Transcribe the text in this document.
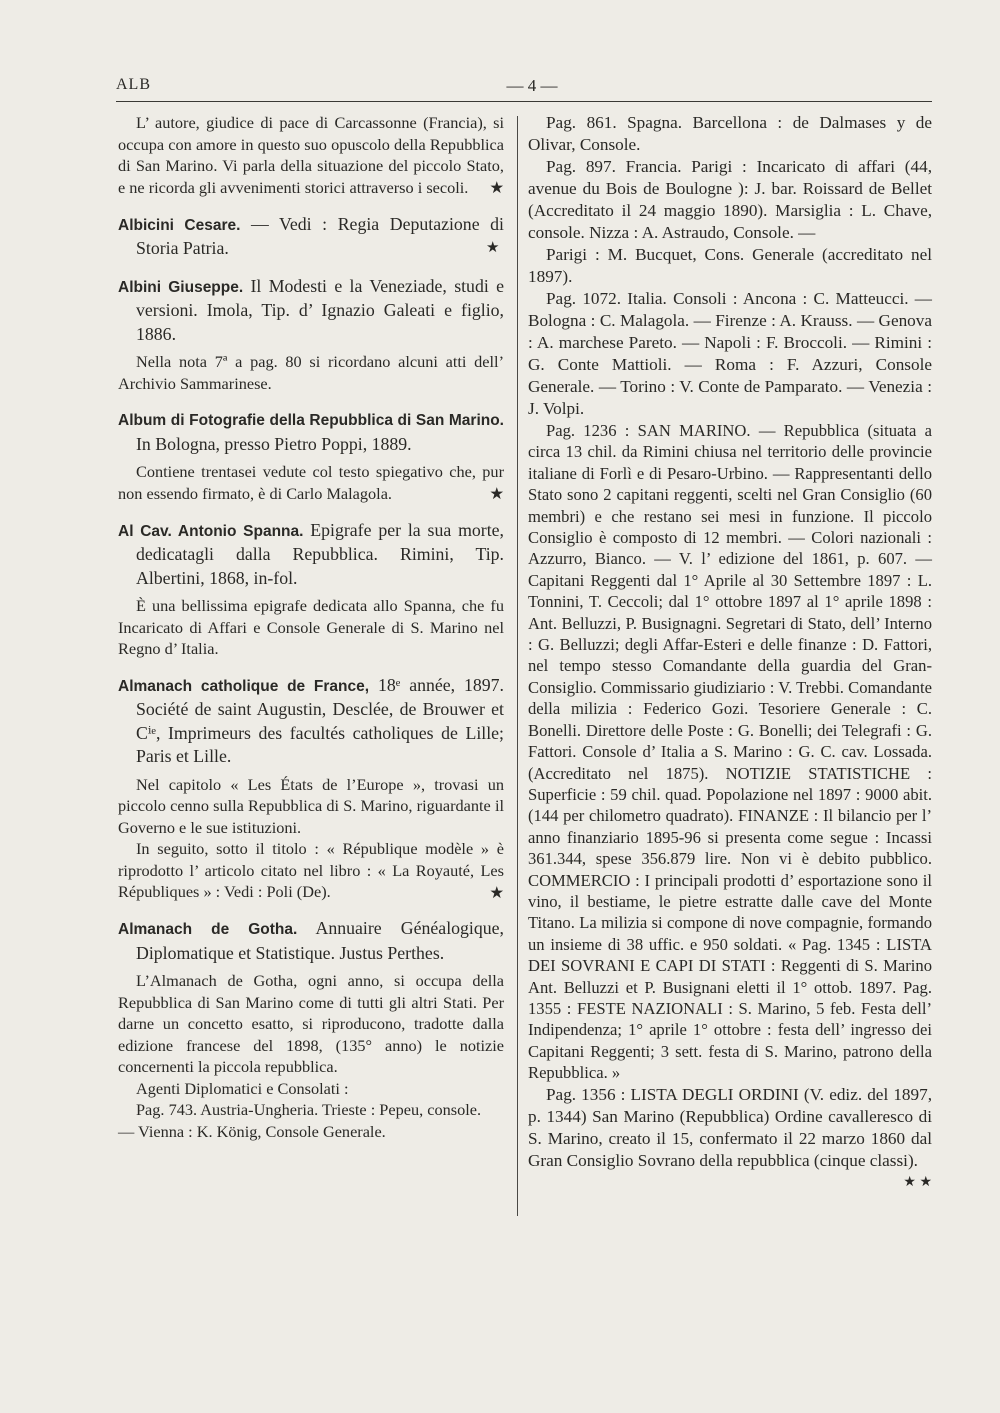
ALB	— 4 —

L’ autore, giudice di pace di Carcassonne (Francia), si occupa con amore in questo suo opuscolo della Repubblica di San Marino. Vi parla della situazione del piccolo Stato, e ne ricorda gli avvenimenti storici attraverso i secoli.	★
Albicini Cesare. — Vedi : Regia Deputazione di Storia Patria.	★
Albini Giuseppe. Il Modesti e la Veneziade, studi e versioni. Imola, Tip. d’ Ignazio Galeati e figlio, 1886.

Nella nota 7ª a pag. 80 si ricordano alcuni atti dell’ Archivio Sammarinese.

Album di Fotografie della Repubblica di San Marino. In Bologna, presso Pietro Poppi, 1889.

Contiene trentasei vedute col testo spiegativo che, pur non essendo firmato, è di Carlo Malagola.	★
Al Cav. Antonio Spanna. Epigrafe per la sua morte, dedicatagli dalla Repubblica. Rimini, Tip. Albertini, 1868, in-fol.

È una bellissima epigrafe dedicata allo Spanna, che fu Incaricato di Affari e Console Generale di S. Marino nel Regno d’ Italia.

Almanach catholique de France, 18ᵉ année, 1897. Société de saint Augustin, Desclée, de Brouwer et Cⁱᵉ, Imprimeurs des facultés catholiques de Lille; Paris et Lille.

Nel capitolo « Les États de l’Europe », trovasi un piccolo cenno sulla Repubblica di S. Marino, riguardante il Governo e le sue istituzioni.

In seguito, sotto il titolo : « République modèle » è riprodotto l’ articolo citato nel libro : « La Royauté, Les Républiques » : Vedi : Poli (De).	★
Almanach de Gotha. Annuaire Généalogique, Diplomatique et Statistique. Justus Perthes.

L’Almanach de Gotha, ogni anno, si occupa della Repubblica di San Marino come di tutti gli altri Stati. Per darne un concetto esatto, si riproducono, tradotte dalla edizione francese del 1898, (135° anno) le notizie concernenti la piccola repubblica.

Agenti Diplomatici e Consolati :

Pag. 743. Austria-Ungheria. Trieste : Pepeu, console.

— Vienna : K. König, Console Generale.

Pag. 861. Spagna. Barcellona : de Dalmases y de Olivar, Console.

Pag. 897. Francia. Parigi : Incaricato di affari (44, avenue du Bois de Boulogne ): J. bar. Roissard de Bellet (Accreditato il 24 maggio 1890). Marsiglia : L. Chave, console. Nizza : A. Astraudo, Console. —

Parigi : M. Bucquet, Cons. Generale (accreditato nel 1897).

Pag. 1072. Italia. Consoli : Ancona : C. Matteucci. — Bologna : C. Malagola. — Firenze : A. Krauss. — Genova : A. marchese Pareto. — Napoli : F. Broccoli. — Rimini : G. Conte Mattioli. — Roma : F. Azzuri, Console Generale. — Torino : V. Conte de Pamparato. — Venezia : J. Volpi.

Pag. 1236 : SAN MARINO. — Repubblica (situata a circa 13 chil. da Rimini chiusa nel territorio delle provincie italiane di Forlì e di Pesaro-Urbino. — Rappresentanti dello Stato sono 2 capitani reggenti, scelti nel Gran Consiglio (60 membri) e che restano sei mesi in funzione. Il piccolo Consiglio è composto di 12 membri. — Colori nazionali : Azzurro, Bianco. — V. l’ edizione del 1861, p. 607. — Capitani Reggenti dal 1° Aprile al 30 Settembre 1897 : L. Tonnini, T. Ceccoli; dal 1° ottobre 1897 al 1° aprile 1898 : Ant. Belluzzi, P. Busignagni. Segretari di Stato, dell’ Interno : G. Belluzzi; degli Affar-Esteri e delle finanze : D. Fattori, nel tempo stesso Comandante della guardia del Gran-Consiglio. Commissario giudiziario : V. Trebbi. Comandante della milizia : Federico Gozi. Tesoriere Generale : C. Bonelli. Direttore delle Poste : G. Bonelli; dei Telegrafi : G. Fattori. Console d’ Italia a S. Marino : G. C. cav. Lossada. (Accreditato nel 1875). NOTIZIE STATISTICHE : Superficie : 59 chil. quad. Popolazione nel 1897 : 9000 abit. (144 per chilometro quadrato). FINANZE : Il bilancio per l’ anno finanziario 1895-96 si presenta come segue : Incassi 361.344, spese 356.879 lire. Non vi è debito pubblico. COMMERCIO : I principali prodotti d’ esportazione sono il vino, il bestiame, le pietre estratte dalle cave del Monte Titano. La milizia si compone di nove compagnie, formando un insieme di 38 uffic. e 950 soldati. « Pag. 1345 : LISTA DEI SOVRANI E CAPI DI STATI : Reggenti di S. Marino Ant. Belluzzi et P. Busignani eletti il 1° ottob. 1897. Pag. 1355 : FESTE NAZIONALI : S. Marino, 5 feb. Festa dell’ Indipendenza; 1° aprile 1° ottobre : festa dell’ ingresso dei Capitani Reggenti; 3 sett. festa di S. Marino, patrono della Repubblica. »

Pag. 1356 : LISTA DEGLI ORDINI (V. ediz. del 1897, p. 1344) San Marino (Repubblica) Ordine cavalleresco di S. Marino, creato il 15, confermato il 22 marzo 1860 dal Gran Consiglio Sovrano della repubblica (cinque classi).

★ ★
